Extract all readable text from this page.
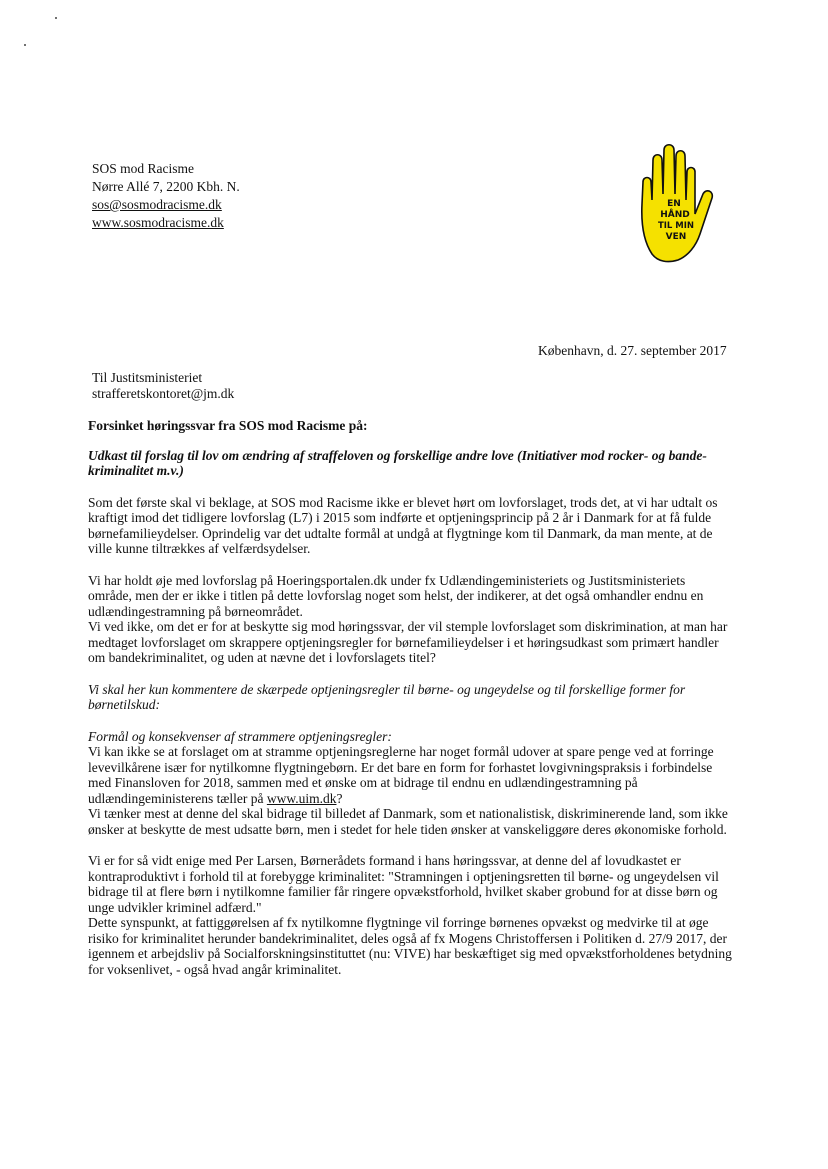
SOS mod Racisme
Nørre Allé 7, 2200 Kbh. N.
sos@sosmodracisme.dk
www.sosmodracisme.dk
EN
HÅND
TIL MIN
VEN
København, d. 27. september 2017
Til Justitsministeriet
strafferetskontoret@jm.dk

Forsinket høringssvar fra SOS mod Racisme på:

Udkast til forslag til lov om ændring af straffeloven og forskellige andre love (Initiativer mod rocker- og bande-kriminalitet m.v.)

Som det første skal vi beklage, at SOS mod Racisme ikke er blevet hørt om lovforslaget, trods det, at vi har udtalt os kraftigt imod det tidligere lovforslag (L7) i 2015 som indførte et optjeningsprincip på 2 år i Danmark for at få fulde børnefamilieydelser. Oprindelig var det udtalte formål at undgå at flygtninge kom til Danmark, da man mente, at de ville kunne tiltrækkes af velfærdsydelser.

Vi har holdt øje med lovforslag på Hoeringsportalen.dk under fx Udlændingeministeriets og Justitsministeriets område, men der er ikke i titlen på dette lovforslag noget som helst, der indikerer, at det også omhandler endnu en udlændingestramning på børneområdet.

Vi ved ikke, om det er for at beskytte sig mod høringssvar, der vil stemple lovforslaget som diskrimination, at man har medtaget lovforslaget om skrappere optjeningsregler for børnefamilieydelser i et høringsudkast som primært handler om bandekriminalitet, og uden at nævne det i lovforslagets titel?

Vi skal her kun kommentere de skærpede optjeningsregler til børne- og ungeydelse og til forskellige former for børnetilskud:

Formål og konsekvenser af strammere optjeningsregler:

Vi kan ikke se at forslaget om at stramme optjeningsreglerne har noget formål udover at spare penge ved at forringe levevilkårene især for nytilkomne flygtningebørn. Er det bare en form for forhastet lovgivningspraksis i forbindelse med Finansloven for 2018, sammen med et ønske om at bidrage til endnu en udlændingestramning på udlændingeministerens tæller på www.uim.dk?

Vi tænker mest at denne del skal bidrage til billedet af Danmark, som et nationalistisk, diskriminerende land, som ikke ønsker at beskytte de mest udsatte børn, men i stedet for hele tiden ønsker at vanskeliggøre deres økonomiske forhold.

Vi er for så vidt enige med Per Larsen, Børnerådets formand i hans høringssvar, at denne del af lovudkastet er kontraproduktivt i forhold til at forebygge kriminalitet: "Stramningen i optjeningsretten til børne- og ungeydelsen vil bidrage til at flere børn i nytilkomne familier får ringere opvækstforhold, hvilket skaber grobund for at disse børn og unge udvikler kriminel adfærd."

Dette synspunkt, at fattiggørelsen af fx nytilkomne flygtninge vil forringe børnenes opvækst og medvirke til at øge risiko for kriminalitet herunder bandekriminalitet, deles også af fx Mogens Christoffersen i Politiken d. 27/9 2017, der igennem et arbejdsliv på Socialforskningsinstituttet (nu: VIVE) har beskæftiget sig med opvækstforholdenes betydning for voksenlivet, - også hvad angår kriminalitet.
